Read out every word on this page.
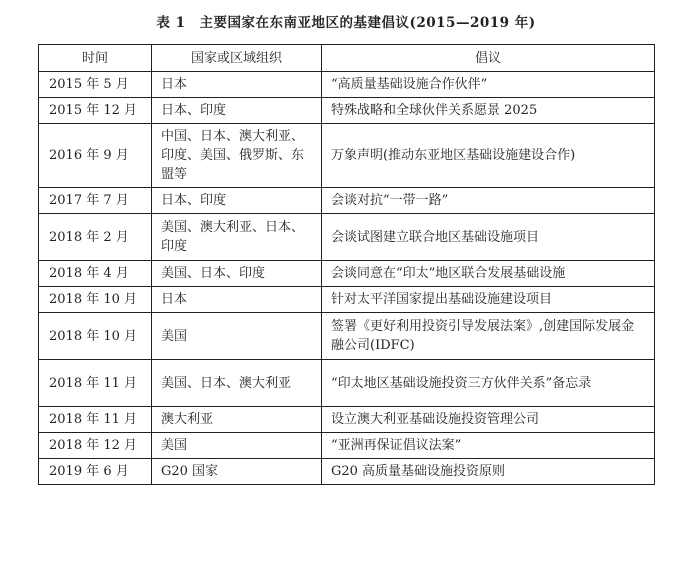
表 1 主要国家在东南亚地区的基建倡议(2015—2019 年)
时间	国家或区域组织	倡议
2015 年 5 月	日本	“高质量基础设施合作伙伴”
2015 年 12 月	日本、印度	特殊战略和全球伙伴关系愿景 2025
2016 年 9 月	中国、日本、澳大利亚、印度、美国、俄罗斯、东盟等	万象声明(推动东亚地区基础设施建设合作)
2017 年 7 月	日本、印度	会谈对抗“一带一路”
2018 年 2 月	美国、澳大利亚、日本、印度	会谈试图建立联合地区基础设施项目
2018 年 4 月	美国、日本、印度	会谈同意在“印太”地区联合发展基础设施
2018 年 10 月	日本	针对太平洋国家提出基础设施建设项目
2018 年 10 月	美国	签署《更好利用投资引导发展法案》,创建国际发展金融公司(IDFC)
2018 年 11 月	美国、日本、澳大利亚	“印太地区基础设施投资三方伙伴关系”备忘录
2018 年 11 月	澳大利亚	设立澳大利亚基础设施投资管理公司
2018 年 12 月	美国	“亚洲再保证倡议法案”
2019 年 6 月	G20 国家	G20 高质量基础设施投资原则
